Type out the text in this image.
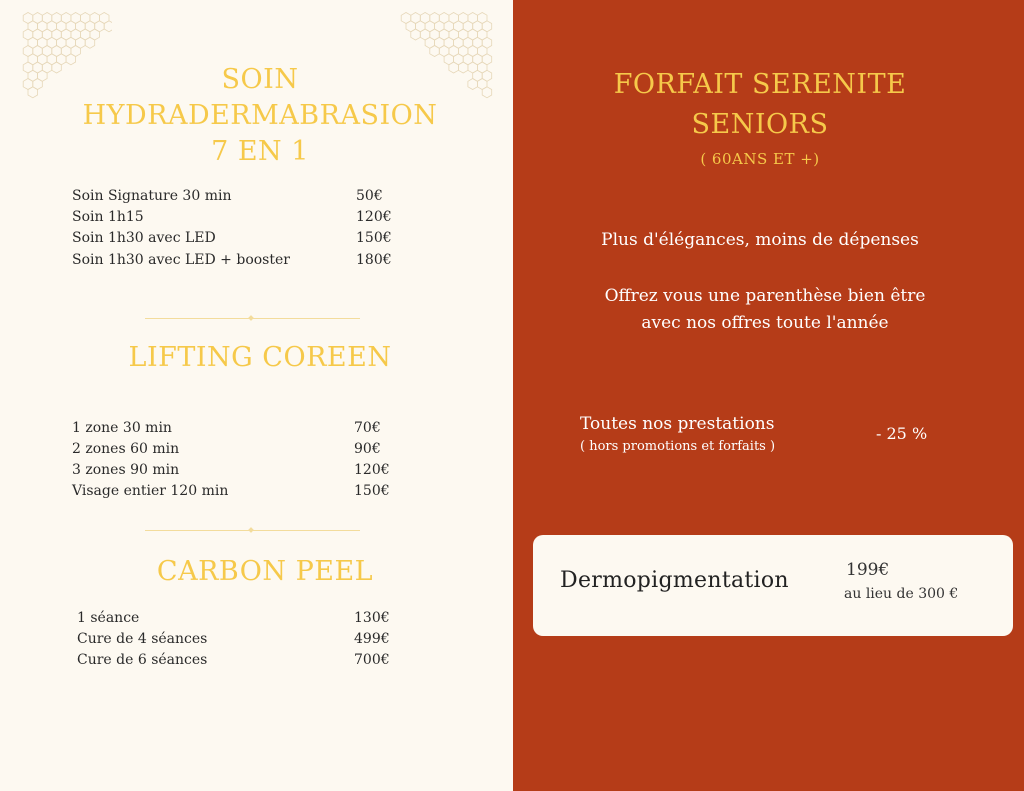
SOIN
HYDRADERMABRASION
7 EN 1
Soin Signature 30 min	50€
Soin 1h15	120€
Soin 1h30 avec LED	150€
Soin 1h30 avec LED + booster	180€
LIFTING COREEN
1 zone 30 min	70€
2 zones 60 min	90€
3 zones 90 min	120€
Visage entier 120 min	150€
CARBON PEEL
1 séance	130€
Cure de 4 séances	499€
Cure de 6 séances	700€
FORFAIT SERENITE
SENIORS
( 60ANS ET +)
Plus d'élégances, moins de dépenses
Offrez vous une parenthèse bien être
avec nos offres toute l'année
Toutes nos prestations
( hors promotions et forfaits )
- 25 %
Dermopigmentation	199€
au lieu de 300 €
